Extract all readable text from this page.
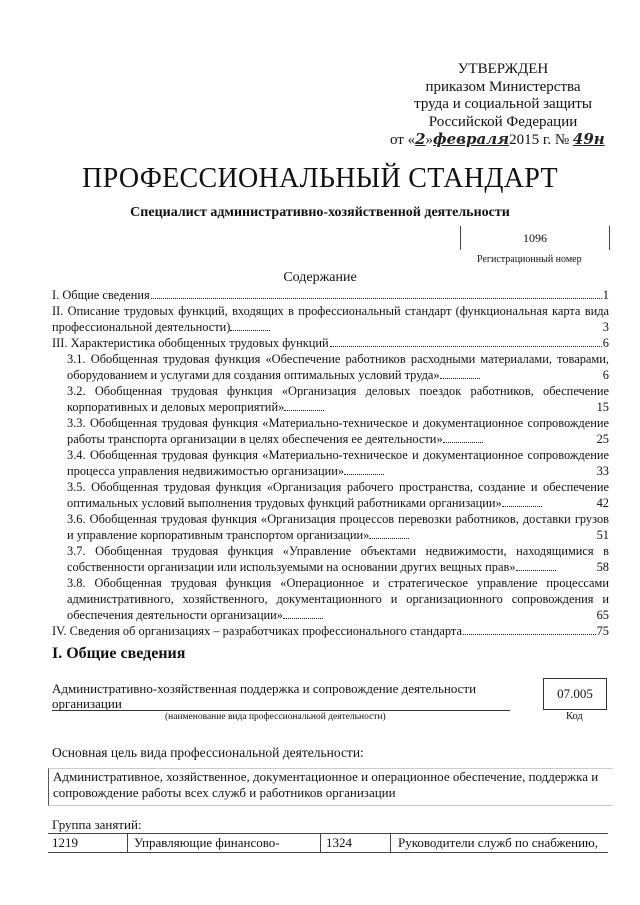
УТВЕРЖДЕН
приказом Министерства
труда и социальной защиты
Российской Федерации
от «2»февраля2015 г. № 49н
ПРОФЕССИОНАЛЬНЫЙ СТАНДАРТ
Специалист административно-хозяйственной деятельности
1096
Регистрационный номер
Содержание
I. Общие сведения	1
II. Описание трудовых функций, входящих в профессиональный стандарт (функциональная карта вида профессиональной деятельности)	3
III. Характеристика обобщенных трудовых функций	6
3.1. Обобщенная трудовая функция «Обеспечение работников расходными материалами, товарами, оборудованием и услугами для создания оптимальных условий труда»	6
3.2. Обобщенная трудовая функция «Организация деловых поездок работников, обеспечение корпоративных и деловых мероприятий»	15
3.3. Обобщенная трудовая функция «Материально-техническое и документационное сопровождение работы транспорта организации в целях обеспечения ее деятельности»	25
3.4. Обобщенная трудовая функция «Материально-техническое и документационное сопровождение процесса управления недвижимостью организации»	33
3.5. Обобщенная трудовая функция «Организация рабочего пространства, создание и обеспечение оптимальных условий выполнения трудовых функций работниками организации»	42
3.6. Обобщенная трудовая функция «Организация процессов перевозки работников, доставки грузов и управление корпоративным транспортом организации»	51
3.7. Обобщенная трудовая функция «Управление объектами недвижимости, находящимися в собственности организации или используемыми на основании других вещных прав»	58
3.8. Обобщенная трудовая функция «Операционное и стратегическое управление процессами административного, хозяйственного, документационного и организационного сопровождения и обеспечения деятельности организации»	65
IV. Сведения об организациях – разработчиках профессионального стандарта	75
I. Общие сведения
Административно-хозяйственная поддержка и сопровождение деятельности
организации
(наименование вида профессиональной деятельности)
07.005
Код
Основная цель вида профессиональной деятельности:
Административное, хозяйственное, документационное и операционное обеспечение, поддержка и сопровождение работы всех служб и работников организации
Группа занятий:
1219	Управляющие финансово-	1324	Руководители служб по снабжению,
